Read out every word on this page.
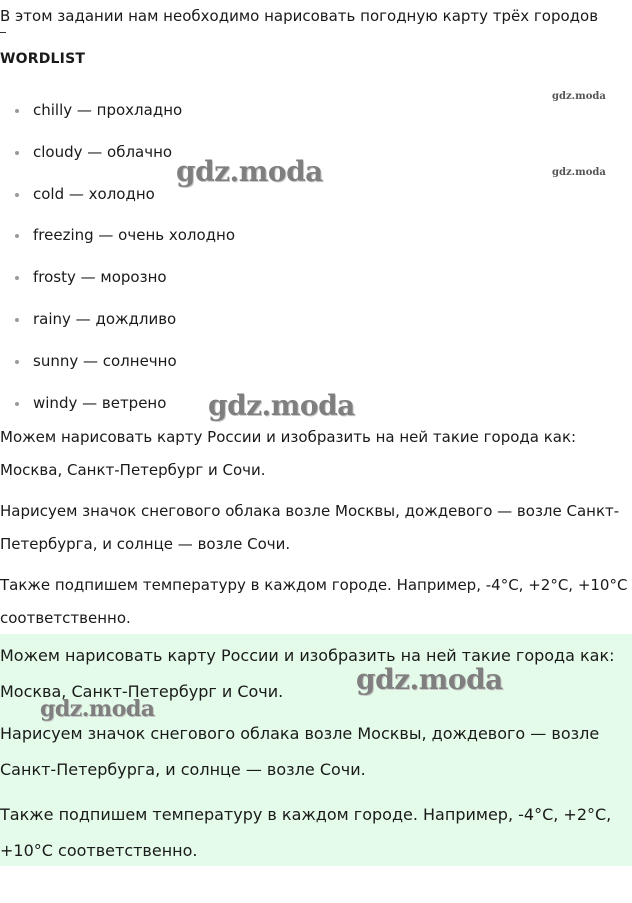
В этом задании нам необходимо нарисовать погодную карту трёх городов
WORDLIST
chilly — прохладно
cloudy — облачно
cold — холодно
freezing — очень холодно
frosty — морозно
rainy — дождливо
sunny — солнечно
windy — ветрено

Можем нарисовать карту России и изобразить на ней такие города как: Москва, Санкт-Петербург и Сочи.

Нарисуем значок снегового облака возле Москвы, дождевого — возле Санкт-Петербурга, и солнце — возле Сочи.

Также подпишем температуру в каждом городе. Например, -4°C, +2°C, +10°C соответственно.

Можем нарисовать карту России и изобразить на ней такие города как: Москва, Санкт-Петербург и Сочи.

Нарисуем значок снегового облака возле Москвы, дождевого — возле Санкт-Петербурга, и солнце — возле Сочи.

Также подпишем температуру в каждом городе. Например, -4°C, +2°C, +10°C соответственно.

gdz.moda
gdz.moda
gdz.moda
gdz.moda
gdz.moda
gdz.moda
